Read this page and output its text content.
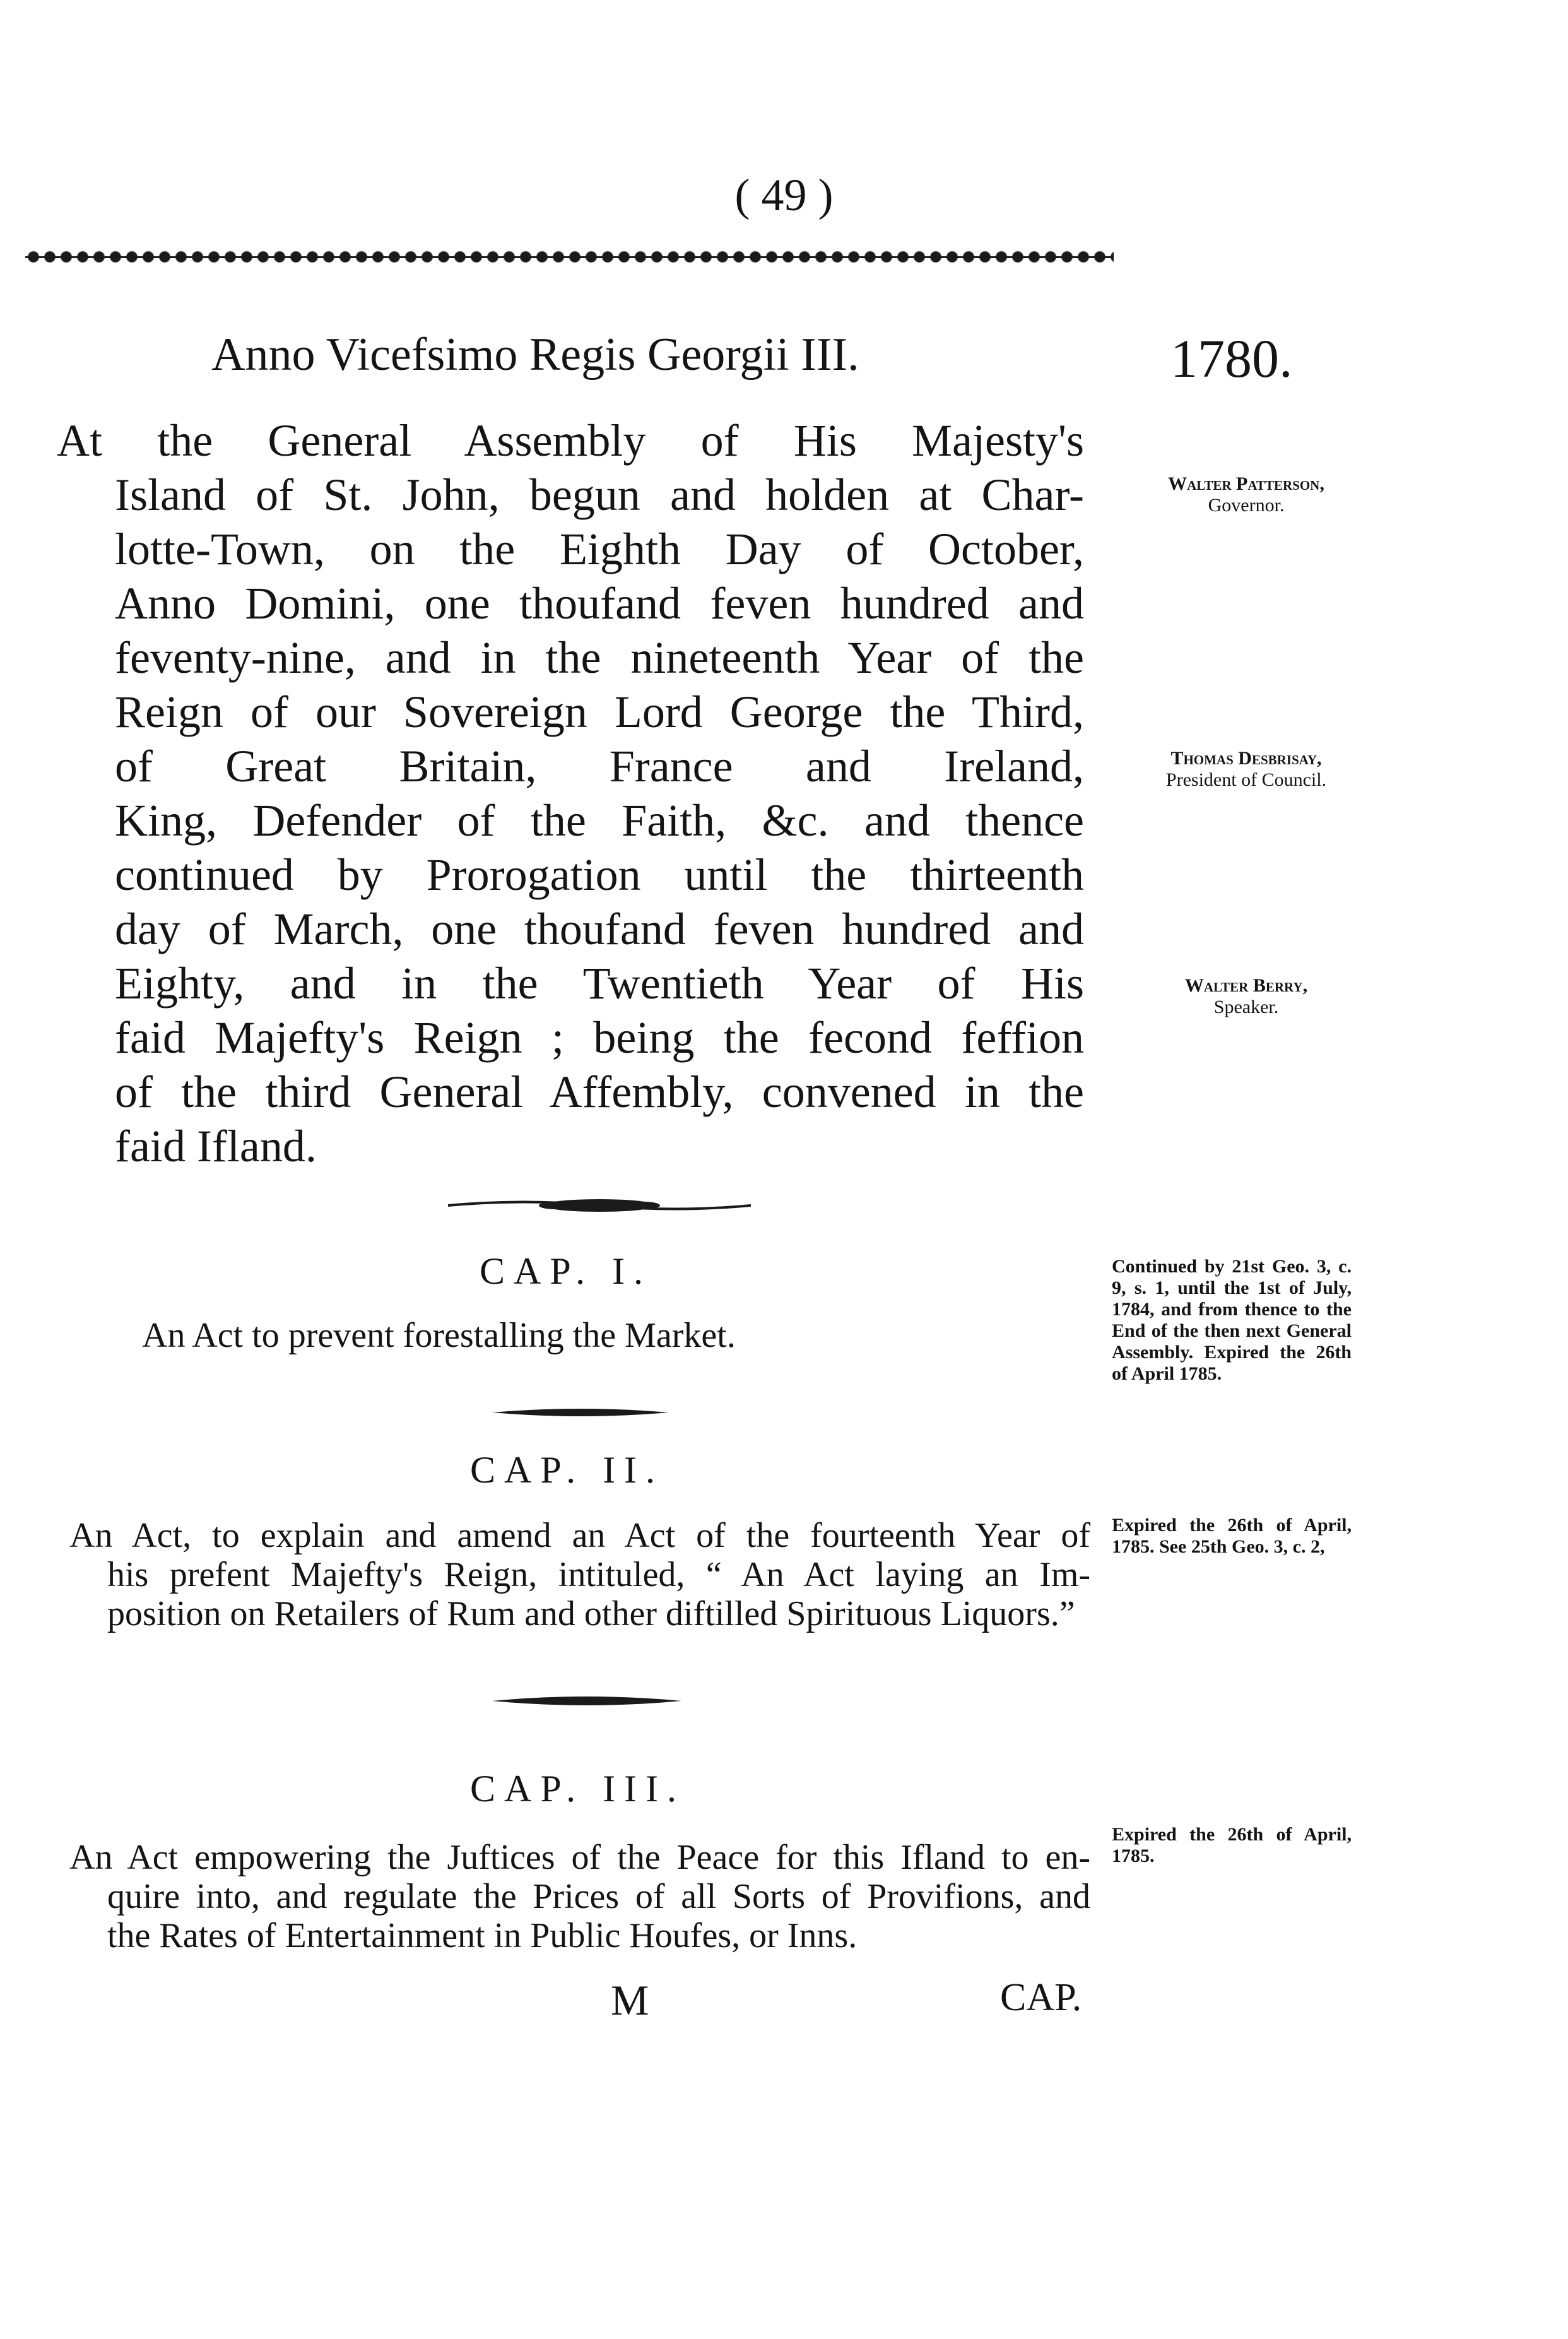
( 49 )
Anno Vicefsimo Regis Georgii III.	1780.
At the General Assembly of His Majesty's
Island of St. John, begun and holden at Char-
lotte-Town, on the Eighth Day of October,
Anno Domini, one thoufand feven hundred and
feventy-nine, and in the nineteenth Year of the
Reign of our Sovereign Lord George the Third,
of Great Britain, France and Ireland,
King, Defender of the Faith, &c. and thence
continued by Prorogation until the thirteenth
day of March, one thoufand feven hundred and
Eighty, and in the Twentieth Year of His
faid Majefty's Reign ; being the fecond feffion
of the third General Affembly, convened in the
faid Ifland.
Walter Patterson,
Governor.
Thomas Desbrisay,
President of Council.
Walter Berry,
Speaker.
Continued by 21st Geo. 3, c. 9, s. 1, until the 1st of July, 1784, and from thence to the End of the then next General Assembly. Expired the 26th of April 1785.
Expired the 26th of April, 1785. See 25th Geo. 3, c. 2,
Expired the 26th of April, 1785.
CAP. I.
An Act to prevent forestalling the Market.
CAP. II.
An Act, to explain and amend an Act of the fourteenth Year of
his prefent Majefty's Reign, intituled, “ An Act laying an Im-
position on Retailers of Rum and other diftilled Spirituous Liquors.”
CAP. III.
An Act empowering the Juftices of the Peace for this Ifland to en-
quire into, and regulate the Prices of all Sorts of Provifions, and
the Rates of Entertainment in Public Houfes, or Inns.
M	CAP.
